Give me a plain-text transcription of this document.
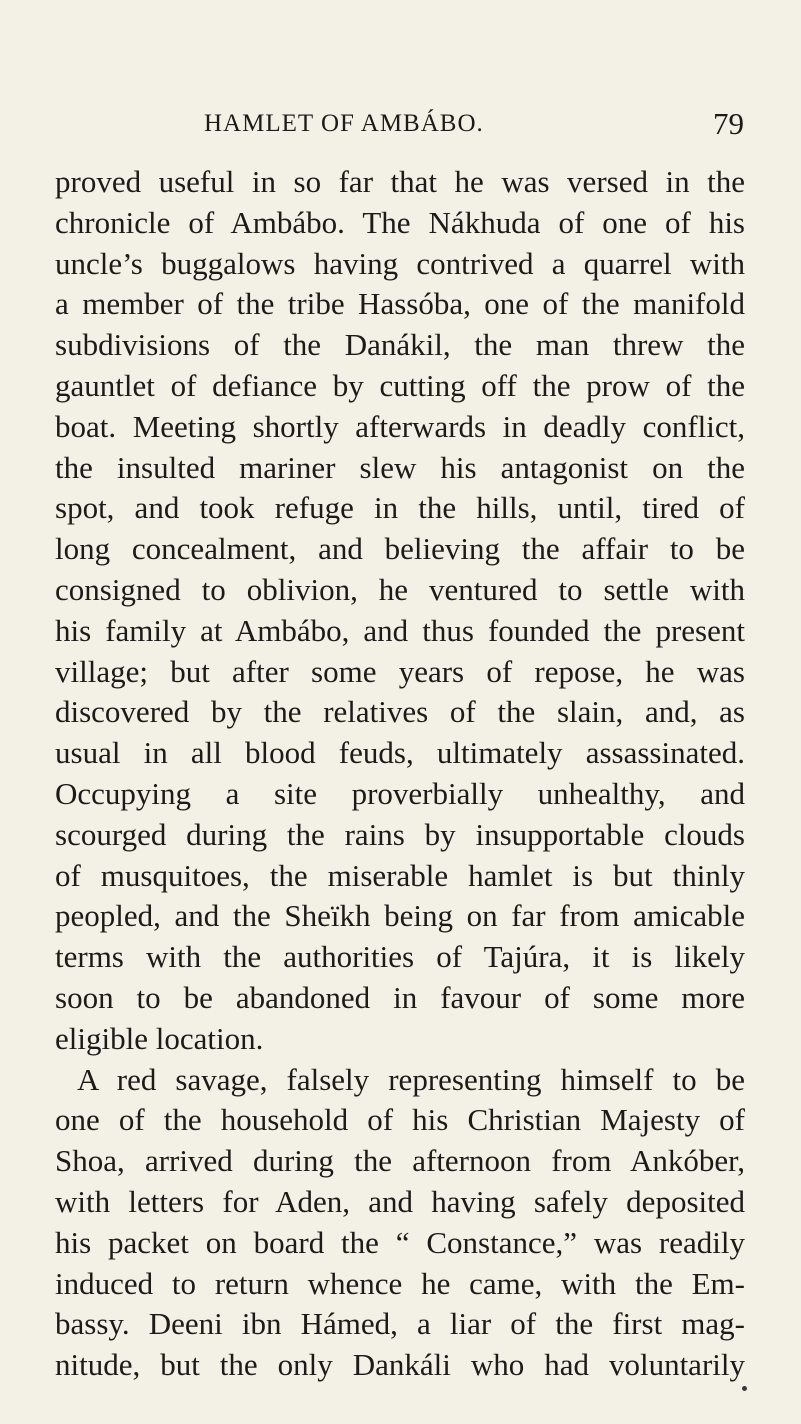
HAMLET OF AMBÁBO.	79
proved useful in so far that he was versed in the
chronicle of Ambábo. The Nákhuda of one of his
uncle’s buggalows having contrived a quarrel with
a member of the tribe Hassóba, one of the manifold
subdivisions of the Danákil, the man threw the
gauntlet of defiance by cutting off the prow of the
boat. Meeting shortly afterwards in deadly conflict,
the insulted mariner slew his antagonist on the
spot, and took refuge in the hills, until, tired of
long concealment, and believing the affair to be
consigned to oblivion, he ventured to settle with
his family at Ambábo, and thus founded the present
village; but after some years of repose, he was
discovered by the relatives of the slain, and, as
usual in all blood feuds, ultimately assassinated.
Occupying a site proverbially unhealthy, and
scourged during the rains by insupportable clouds
of musquitoes, the miserable hamlet is but thinly
peopled, and the Sheïkh being on far from amicable
terms with the authorities of Tajúra, it is likely
soon to be abandoned in favour of some more
eligible location.
A red savage, falsely representing himself to be
one of the household of his Christian Majesty of
Shoa, arrived during the afternoon from Ankóber,
with letters for Aden, and having safely deposited
his packet on board the “ Constance,” was readily
induced to return whence he came, with the Em-
bassy. Deeni ibn Hámed, a liar of the first mag-
nitude, but the only Dankáli who had voluntarily
